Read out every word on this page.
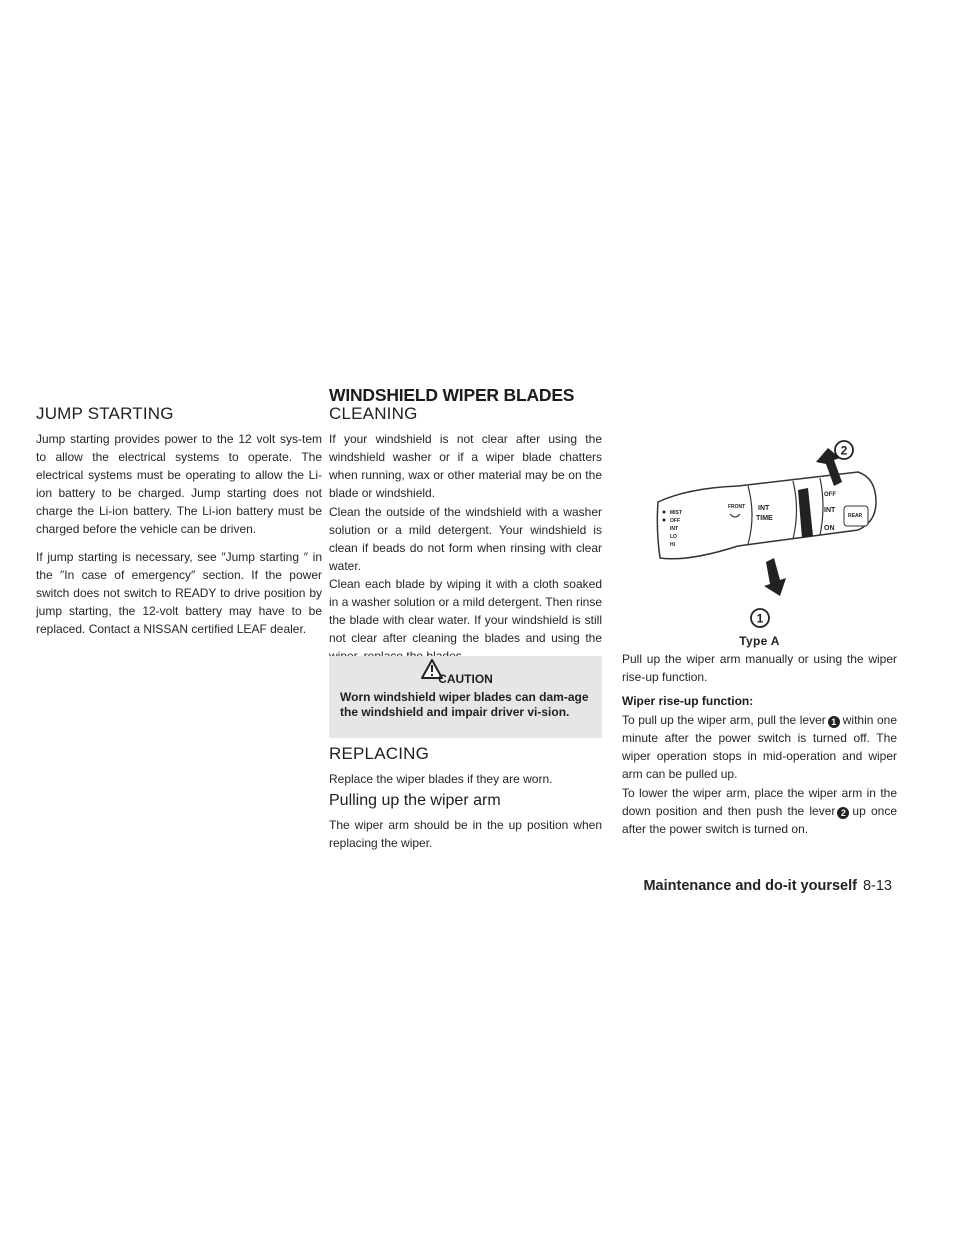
WINDSHIELD WIPER BLADES
JUMP STARTING

Jump starting provides power to the 12 volt sys-tem to allow the electrical systems to operate. The electrical systems must be operating to allow the Li-ion battery to be charged. Jump starting does not charge the Li-ion battery. The Li-ion battery must be charged before the vehicle can be driven.

If jump starting is necessary, see ″Jump starting ″ in the ″In case of emergency″ section. If the power switch does not switch to READY to drive position by jump starting, the 12-volt battery may have to be replaced. Contact a NISSAN certified LEAF dealer.

CLEANING

If your windshield is not clear after using the windshield washer or if a wiper blade chatters when running, wax or other material may be on the blade or windshield.

Clean the outside of the windshield with a washer solution or a mild detergent. Your windshield is clean if beads do not form when rinsing with clear water.

Clean each blade by wiping it with a cloth soaked in a washer solution or a mild detergent. Then rinse the blade with clear water. If your windshield is still not clear after cleaning the blades and using the

CAUTION
Worn windshield wiper blades can dam-age the windshield and impair driver vi-sion.
REPLACING

Replace the wiper blades if they are worn.

Pulling up the wiper arm

The wiper arm should be in the up position when replacing the wiper.

MIST
OFF
INT
LO
HI
FRONT INT
TIME
OFF
INT
ON
REAR
2
1
Type A

Pull up the wiper arm manually or using the wiper rise-up function.

Wiper rise-up function:

To pull up the wiper arm, pull the lever 1 within one minute after the power switch is turned off. The wiper operation stops in mid-operation and wiper arm can be pulled up.

To lower the wiper arm, place the wiper arm in the down position and then push the lever 2 up once after the power switch is turned on.

Maintenance and do-it yourself 8-13
